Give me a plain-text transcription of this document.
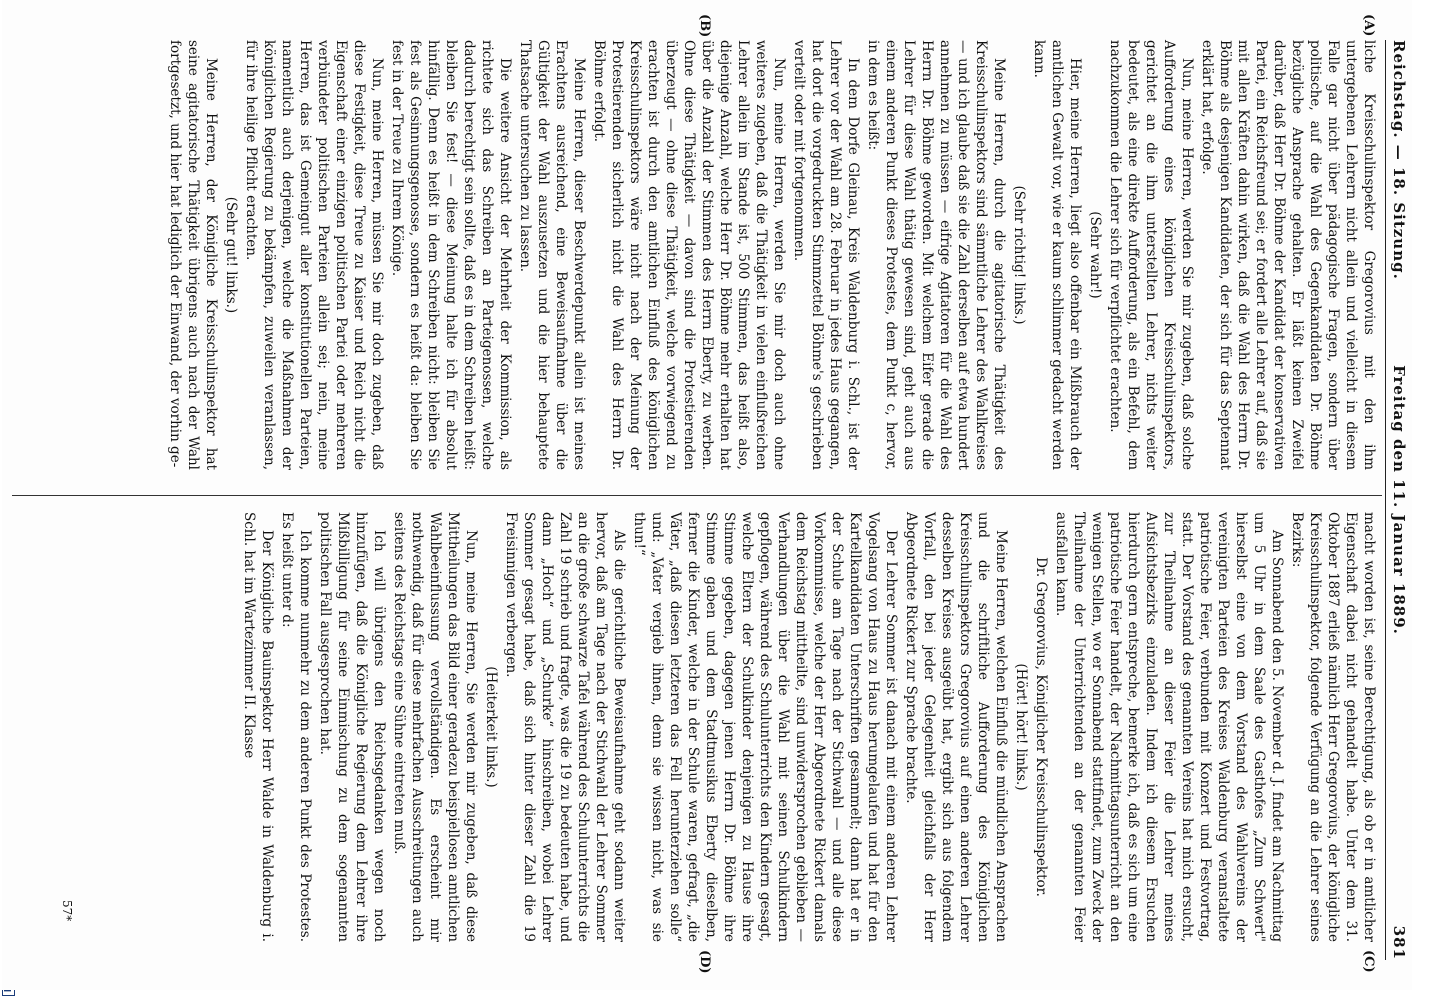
Reichstag. — 18. Sitzung.
Freitag den 11. Januar 1889.
381
(A)
(B)
(C)
(D)

liche Kreisschulinspektor Gregorovius mit den ihm untergebenen Lehrern nicht allein und vielleicht in diesem Falle gar nicht über pädagogische Fragen, sondern über politische, auf die Wahl des Gegenkandidaten Dr. Böhme bezügliche Ansprache gehalten. Er läßt keinen Zweifel darüber, daß Herr Dr. Böhme der Kandidat der konservativen Partei, ein Reichsfreund sei; er fordert alle Lehrer auf, daß sie mit allen Kräften dahin wirken, daß die Wahl des Herrn Dr. Böhme als desjenigen Kandidaten, der sich für das Septennat erklärt hat, erfolge.

Nun, meine Herren, werden Sie mir zugeben, daß solche Aufforderung eines königlichen Kreisschulinspektors, gerichtet an die ihm unterstellten Lehrer, nichts weiter bedeutet, als eine direkte Aufforderung, als ein Befehl, dem nachzukommen die Lehrer sich für verpflichtet erachten.

(Sehr wahr!)

Hier, meine Herren, liegt also offenbar ein Mißbrauch der amtlichen Gewalt vor, wie er kaum schlimmer gedacht werden kann.

(Sehr richtig! links.)

Meine Herren, durch die agitatorische Thätigkeit des Kreisschulinspektors sind sämmtliche Lehrer des Wahlkreises — und ich glaube daß sie die Zahl derselben auf etwa hundert annehmen zu müssen — eifrige Agitatoren für die Wahl des Herrn Dr. Böhme geworden. Mit welchem Eifer gerade die Lehrer für diese Wahl thätig gewesen sind, geht auch aus einem anderen Punkt dieses Protestes, dem Punkt c, hervor, in dem es heißt:

In dem Dorfe Gleinau, Kreis Waldenburg i. Schl., ist der Lehrer vor der Wahl am 28. Februar in jedes Haus gegangen, hat dort die vorgedruckten Stimmzettel Böhme's geschrieben verteilt oder mit fortgenommen.

Nun, meine Herren, werden Sie mir doch auch ohne weiteres zugeben, daß die Thätigkeit in vielen einflußreichen Lehrer allein im Stande ist, 500 Stimmen, das heißt also, diejenige Anzahl, welche Herr Dr. Böhme mehr erhalten hat über die Anzahl der Stimmen des Herrn Eberty, zu werben. Ohne diese Thätigkeit — davon sind die Protestierenden überzeugt — ohne diese Thätigkeit, welche vorwiegend zu erachten ist durch den amtlichen Einfluß des königlichen Kreisschulinspektors wäre nicht nach der Meinung der Protestierenden sicherlich nicht die Wahl des Herrn Dr. Böhme erfolgt.

Meine Herren, dieser Beschwerdepunkt allein ist meines Erachtens ausreichend, eine Beweisaufnahme über die Gültigkeit der Wahl auszusetzen und die hier behauptete Thatsache untersuchen zu lassen.

Die weitere Ansicht der Mehrheit der Kommission, als richtete sich das Schreiben an Parteigenossen, welche dadurch berechtigt sein sollte, daß es in dem Schreiben heißt: bleiben Sie fest! — diese Meinung halte ich für absolut hinfällig. Denn es heißt in dem Schreiben nicht: bleiben Sie fest als Gesinnungsgenosse, sondern es heißt da: bleiben Sie fest in der Treue zu Ihrem Könige.

Nun, meine Herren, müssen Sie mir doch zugeben, daß diese Festigkeit, diese Treue zu Kaiser und Reich nicht die Eigenschaft einer einzigen politischen Partei oder mehreren verbündeter politischen Parteien allein sei; nein, meine Herren, das ist Gemeingut aller konstitutionellen Parteien, namentlich auch derjenigen, welche die Maßnahmen der königlichen Regierung zu bekämpfen, zuweilen veranlassen, für ihre heilige Pflicht erachten.

(Sehr gut! links.)

Meine Herren, der Königliche Kreisschulinspektor hat seine agitatorische Thätigkeit übrigens auch nach der Wahl fortgesetzt, und hier hat lediglich der Einwand, der vorhin ge-

macht worden ist, seine Berechtigung, als ob er in amtlicher Eigenschaft dabei nicht gehandelt habe. Unter dem 31. Oktober 1887 erließ nämlich Herr Gregorovius, der königliche Kreisschulinspektor, folgende Verfügung an die Lehrer seines Bezirks:

Am Sonnabend den 5. November d. J. findet am Nachmittag um 5 Uhr in dem Saale des Gasthofes „Zum Schwert" hierselbst eine von dem Vorstand des Wahlvereins der vereinigten Parteien des Kreises Waldenburg veranstaltete patriotische Feier, verbunden mit Konzert und Festvortrag, statt. Der Vorstand des genannten Vereins hat mich ersucht, zur Theilnahme an dieser Feier die Lehrer meines Aufsichtsbezirks einzuladen. Indem ich diesem Ersuchen hierdurch gern entspreche, bemerke ich, daß es sich um eine patriotische Feier handelt, der Nachmittagsunterricht an den wenigen Stellen, wo er Sonnabend stattfindet, zum Zweck der Theilnahme der Unterrichtenden an der genannten Feier ausfallen kann.

Dr. Gregorovius, Königlicher Kreisschulinspektor.

(Hört! hört! links.)

Meine Herren, welchen Einfluß die mündlichen Ansprachen und die schriftliche Aufforderung des Königlichen Kreisschulinspektors Gregorovius auf einen anderen Lehrer desselben Kreises ausgeübt hat, ergibt sich aus folgendem Vorfall, den bei jeder Gelegenheit gleichfalls der Herr Abgeordnete Rickert zur Sprache brachte.

Der Lehrer Sommer ist danach mit einem anderen Lehrer Vogelsang von Haus zu Haus herumgelaufen und hat für den Kartellkandidaten Unterschriften gesammelt; dann hat er in der Schule am Tage nach der Stichwahl — und alle diese Vorkommnisse, welche der Herr Abgeordnete Rickert damals dem Reichstag mittheilte, sind unwidersprochen geblieben — Verhandlungen über die Wahl mit seinen Schulkindern gepflogen, während des Schulunterrichts den Kindern gesagt, welche Eltern der Schulkinder denjenigen zu Hause ihre Stimme gegeben, dagegen jenen Herrn Dr. Böhme ihre Stimme gaben und dem Stadtmusikus Eberty dieselben, ferner die Kinder, welche in der Schule waren, gefragt, „die Väter, „daß diesen letzteren das Fell herunterziehen solle“ und: „Vater vergieb ihnen, denn sie wissen nicht, was sie thun!“

Als die gerichtliche Beweisaufnahme geht sodann weiter hervor, daß am Tage nach der Stichwahl der Lehrer Sommer an die große schwarze Tafel während des Schulunterrichts die Zahl 19 schrieb und fragte, was die 19 zu bedeuten habe, und dann „Hoch“ und „Schurke“ hinschreiben, wobei Lehrer Sommer gesagt habe, daß sich hinter dieser Zahl die 19 Freisinnigen verbergen.

(Heiterkeit links.)

Nun, meine Herren, Sie werden mir zugeben, daß diese Mittheilungen das Bild einer geradezu beispiellosen amtlichen Wahlbeeinflussung vervollständigen. Es erscheint mir nothwendig, daß für diese mehrfachen Ausschreitungen auch seitens des Reichstags eine Sühne eintreten muß.

Ich will übrigens den Reichsgedanken wegen noch hinzufügen, daß die Königliche Regierung dem Lehrer ihre Mißbilligung für seine Einmischung zu dem sogenannten politischen Fall ausgesprochen hat.

Ich komme nunmehr zu dem anderen Punkt des Protestes. Es heißt unter d:

Der Königliche Bauinspektor Herr Walde in Waldenburg i. Schl. hat im Wartezimmer II. Klasse

57*
